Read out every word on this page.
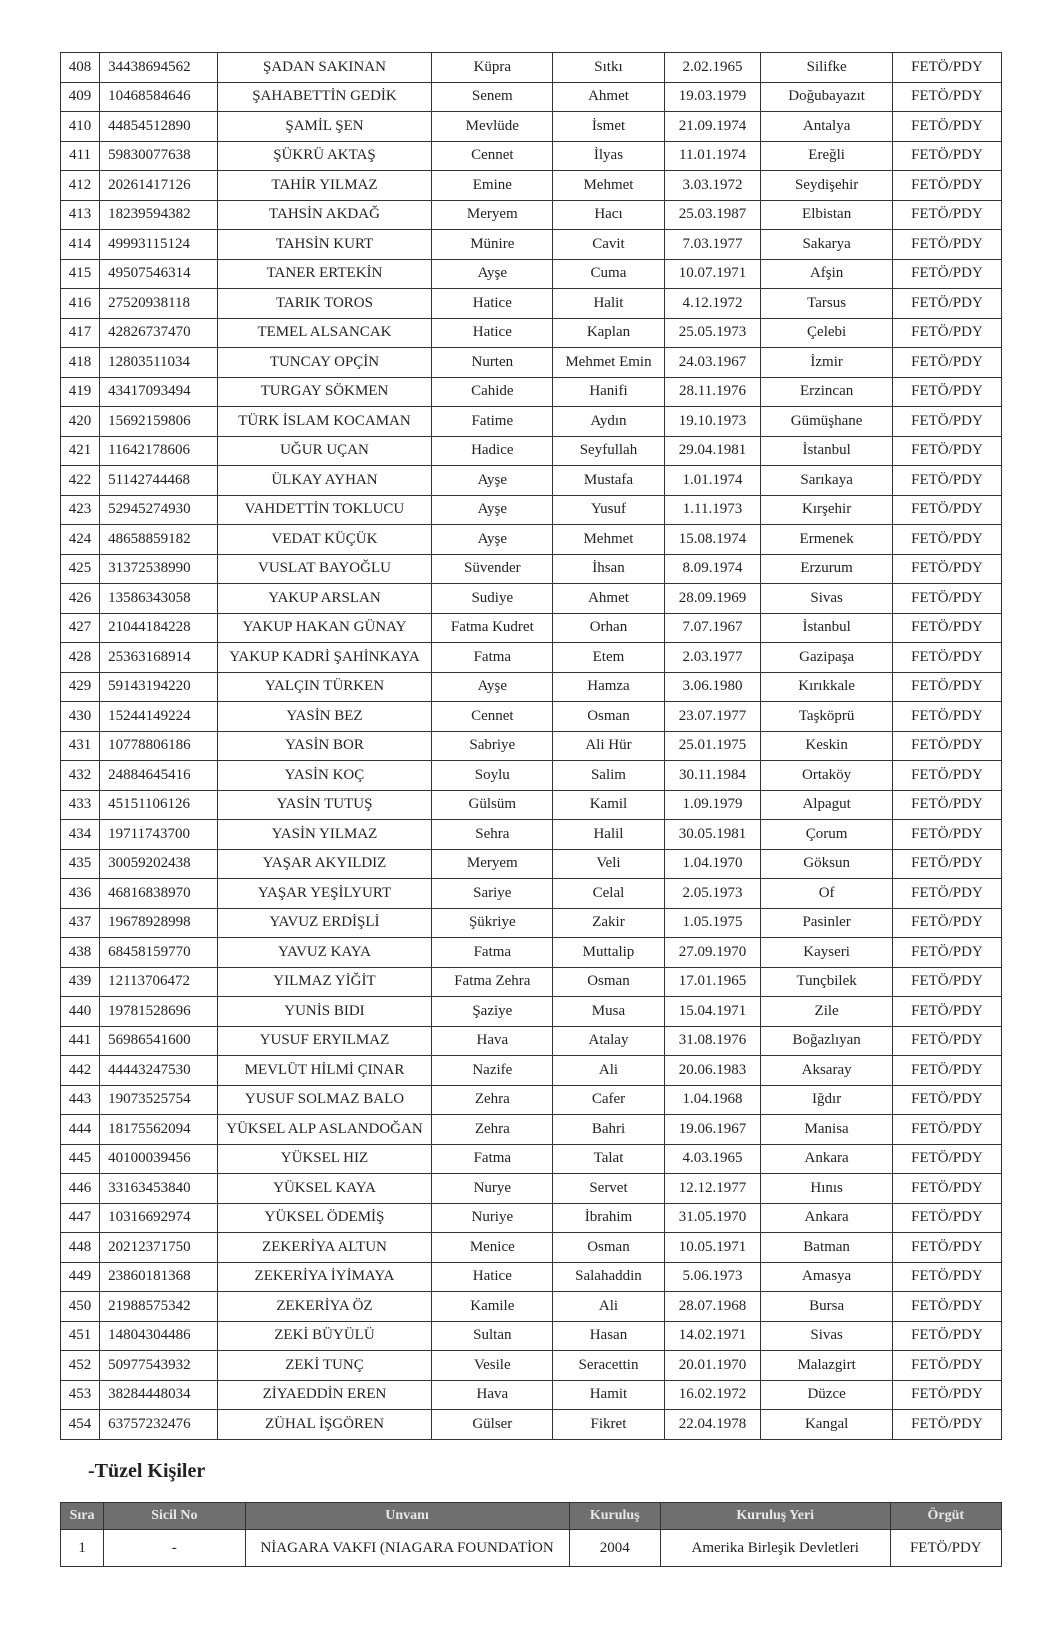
408	34438694562	ŞADAN SAKINAN	Küpra	Sıtkı	2.02.1965	Silifke	FETÖ/PDY
409	10468584646	ŞAHABETTİN GEDİK	Senem	Ahmet	19.03.1979	Doğubayazıt	FETÖ/PDY
410	44854512890	ŞAMİL ŞEN	Mevlüde	İsmet	21.09.1974	Antalya	FETÖ/PDY
411	59830077638	ŞÜKRÜ AKTAŞ	Cennet	İlyas	11.01.1974	Ereğli	FETÖ/PDY
412	20261417126	TAHİR YILMAZ	Emine	Mehmet	3.03.1972	Seydişehir	FETÖ/PDY
413	18239594382	TAHSİN AKDAĞ	Meryem	Hacı	25.03.1987	Elbistan	FETÖ/PDY
414	49993115124	TAHSİN KURT	Münire	Cavit	7.03.1977	Sakarya	FETÖ/PDY
415	49507546314	TANER ERTEKİN	Ayşe	Cuma	10.07.1971	Afşin	FETÖ/PDY
416	27520938118	TARIK TOROS	Hatice	Halit	4.12.1972	Tarsus	FETÖ/PDY
417	42826737470	TEMEL ALSANCAK	Hatice	Kaplan	25.05.1973	Çelebi	FETÖ/PDY
418	12803511034	TUNCAY OPÇİN	Nurten	Mehmet Emin	24.03.1967	İzmir	FETÖ/PDY
419	43417093494	TURGAY SÖKMEN	Cahide	Hanifi	28.11.1976	Erzincan	FETÖ/PDY
420	15692159806	TÜRK İSLAM KOCAMAN	Fatime	Aydın	19.10.1973	Gümüşhane	FETÖ/PDY
421	11642178606	UĞUR UÇAN	Hadice	Seyfullah	29.04.1981	İstanbul	FETÖ/PDY
422	51142744468	ÜLKAY AYHAN	Ayşe	Mustafa	1.01.1974	Sarıkaya	FETÖ/PDY
423	52945274930	VAHDETTİN TOKLUCU	Ayşe	Yusuf	1.11.1973	Kırşehir	FETÖ/PDY
424	48658859182	VEDAT KÜÇÜK	Ayşe	Mehmet	15.08.1974	Ermenek	FETÖ/PDY
425	31372538990	VUSLAT BAYOĞLU	Süvender	İhsan	8.09.1974	Erzurum	FETÖ/PDY
426	13586343058	YAKUP ARSLAN	Sudiye	Ahmet	28.09.1969	Sivas	FETÖ/PDY
427	21044184228	YAKUP HAKAN GÜNAY	Fatma Kudret	Orhan	7.07.1967	İstanbul	FETÖ/PDY
428	25363168914	YAKUP KADRİ ŞAHİNKAYA	Fatma	Etem	2.03.1977	Gazipaşa	FETÖ/PDY
429	59143194220	YALÇIN TÜRKEN	Ayşe	Hamza	3.06.1980	Kırıkkale	FETÖ/PDY
430	15244149224	YASİN BEZ	Cennet	Osman	23.07.1977	Taşköprü	FETÖ/PDY
431	10778806186	YASİN BOR	Sabriye	Ali Hür	25.01.1975	Keskin	FETÖ/PDY
432	24884645416	YASİN KOÇ	Soylu	Salim	30.11.1984	Ortaköy	FETÖ/PDY
433	45151106126	YASİN TUTUŞ	Gülsüm	Kamil	1.09.1979	Alpagut	FETÖ/PDY
434	19711743700	YASİN YILMAZ	Sehra	Halil	30.05.1981	Çorum	FETÖ/PDY
435	30059202438	YAŞAR AKYILDIZ	Meryem	Veli	1.04.1970	Göksun	FETÖ/PDY
436	46816838970	YAŞAR YEŞİLYURT	Sariye	Celal	2.05.1973	Of	FETÖ/PDY
437	19678928998	YAVUZ ERDİŞLİ	Şükriye	Zakir	1.05.1975	Pasinler	FETÖ/PDY
438	68458159770	YAVUZ KAYA	Fatma	Muttalip	27.09.1970	Kayseri	FETÖ/PDY
439	12113706472	YILMAZ YİĞİT	Fatma Zehra	Osman	17.01.1965	Tunçbilek	FETÖ/PDY
440	19781528696	YUNİS BIDI	Şaziye	Musa	15.04.1971	Zile	FETÖ/PDY
441	56986541600	YUSUF ERYILMAZ	Hava	Atalay	31.08.1976	Boğazlıyan	FETÖ/PDY
442	44443247530	MEVLÜT HİLMİ ÇINAR	Nazife	Ali	20.06.1983	Aksaray	FETÖ/PDY
443	19073525754	YUSUF SOLMAZ BALO	Zehra	Cafer	1.04.1968	Iğdır	FETÖ/PDY
444	18175562094	YÜKSEL ALP ASLANDOĞAN	Zehra	Bahri	19.06.1967	Manisa	FETÖ/PDY
445	40100039456	YÜKSEL HIZ	Fatma	Talat	4.03.1965	Ankara	FETÖ/PDY
446	33163453840	YÜKSEL KAYA	Nurye	Servet	12.12.1977	Hınıs	FETÖ/PDY
447	10316692974	YÜKSEL ÖDEMİŞ	Nuriye	İbrahim	31.05.1970	Ankara	FETÖ/PDY
448	20212371750	ZEKERİYA ALTUN	Menice	Osman	10.05.1971	Batman	FETÖ/PDY
449	23860181368	ZEKERİYA İYİMAYA	Hatice	Salahaddin	5.06.1973	Amasya	FETÖ/PDY
450	21988575342	ZEKERİYA ÖZ	Kamile	Ali	28.07.1968	Bursa	FETÖ/PDY
451	14804304486	ZEKİ BÜYÜLÜ	Sultan	Hasan	14.02.1971	Sivas	FETÖ/PDY
452	50977543932	ZEKİ TUNÇ	Vesile	Seracettin	20.01.1970	Malazgirt	FETÖ/PDY
453	38284448034	ZİYAEDDİN EREN	Hava	Hamit	16.02.1972	Düzce	FETÖ/PDY
454	63757232476	ZÜHAL İŞGÖREN	Gülser	Fikret	22.04.1978	Kangal	FETÖ/PDY
-Tüzel Kişiler
Sıra	Sicil No	Unvanı	Kuruluş	Kuruluş Yeri	Örgüt
1	-	NİAGARA VAKFI (NIAGARA FOUNDATİON	2004	Amerika Birleşik Devletleri	FETÖ/PDY
